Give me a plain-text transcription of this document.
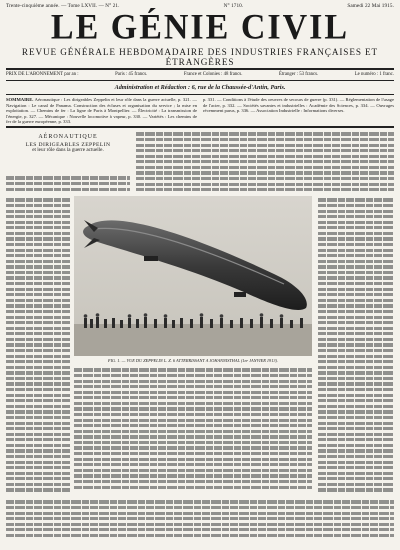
Trente-cinquième année. — Tome LXVII. — N° 21.	N° 1710.	Samedi 22 Mai 1915.
LE GÉNIE CIVIL
REVUE GÉNÉRALE HEBDOMADAIRE DES INDUSTRIES FRANÇAISES ET ÉTRANGÈRES
PRIX DE L'ABONNEMENT par an :	Paris : 45 francs.	France et Colonies : 48 francs.	Étranger : 53 francs.	Le numéro : 1 franc.
Administration et Rédaction : 6, rue de la Chaussée-d'Antin, Paris.
SOMMAIRE. Aéronautique : Les dirigeables Zeppelin et leur rôle dans la guerre actuelle, p. 321. — Navigation : Le canal de Panama. Construction des écluses et organisation du service ; la mise en exploitation. — Chemins de fer : La ligne de Paris à Montpellier. — Électricité : La transmission de l'énergie, p. 327. — Mécanique : Nouvelle locomotive à vapeur, p. 330. — Variétés : Les chemins de fer de la guerre européenne, p. 333.
p. 331. — Conditions à l'étude des oeuvres de secours de guerre (p. 331). — Réglementation de l'usage de l'acier, p. 332. — Sociétés savantes et industrielles : Académie des Sciences, p. 334. — Ouvrages récemment parus, p. 336. — Association Industrielle : Informations diverses.
AÉRONAUTIQUE
LES DIRIGEABLES ZEPPELIN
et leur rôle dans la guerre actuelle.
FIG. 1. — VUE DU ZEPPELIN L. Z. 6 ATTERRISSANT A JOHANNISTHAL (1er JANVIER 1913).
